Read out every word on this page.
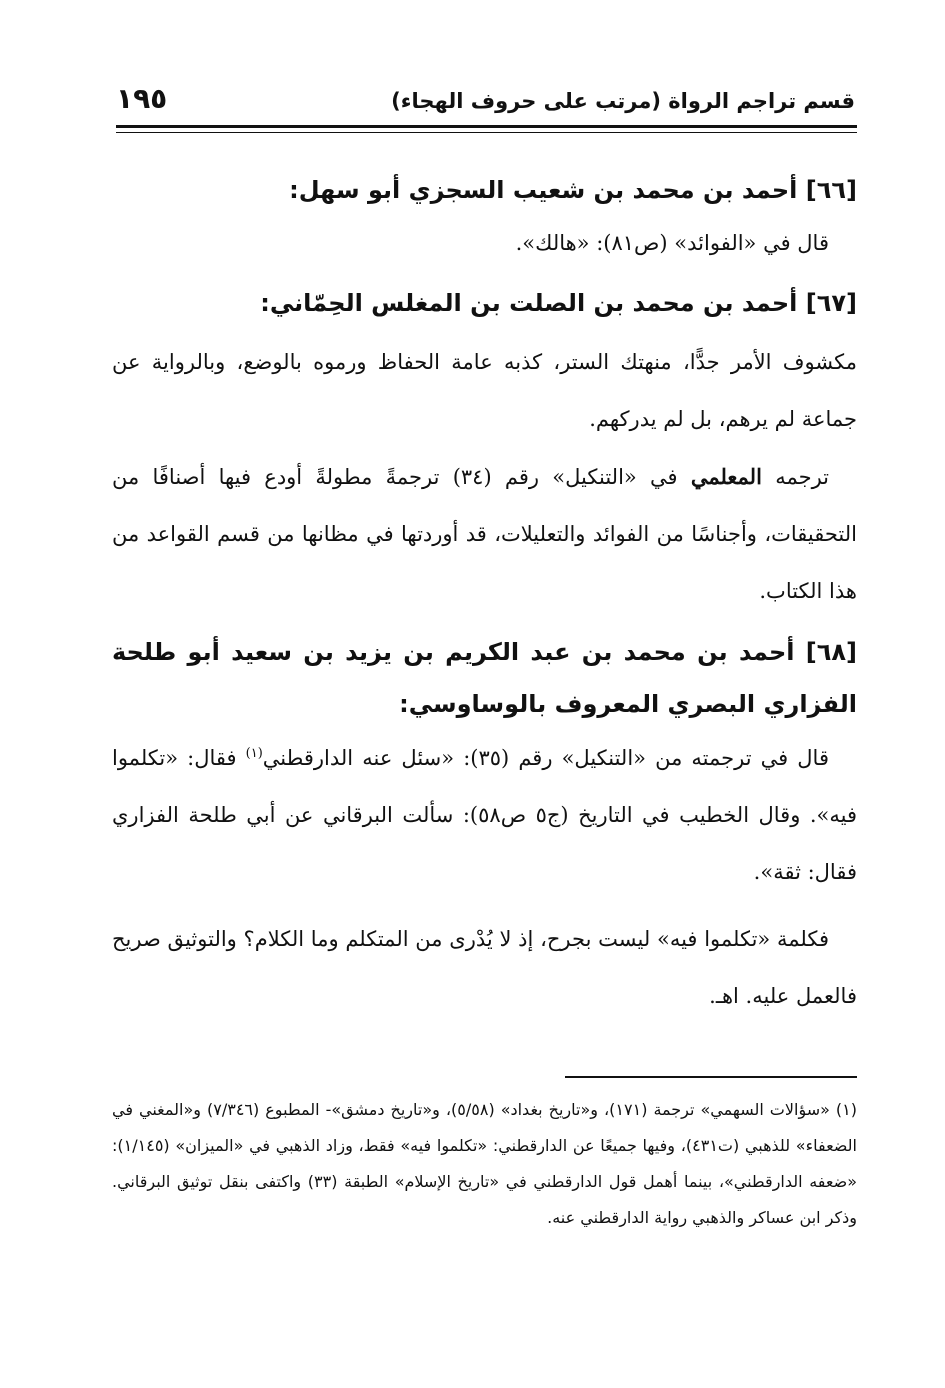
قسم تراجم الرواة (مرتب على حروف الهجاء)
١٩٥
[٦٦] أحمد بن محمد بن شعيب السجزي أبو سهل:

قال في «الفوائد» (ص٨١): «هالك».

[٦٧] أحمد بن محمد بن الصلت بن المغلس الحِمّاني:

مكشوف الأمر جدًّا، منهتك الستر، كذبه عامة الحفاظ ورموه بالوضع، وبالرواية عن جماعة لم يرهم، بل لم يدركهم.

ترجمه المعلمي في «التنكيل» رقم (٣٤) ترجمةً مطولةً أودع فيها أصنافًا من التحقيقات، وأجناسًا من الفوائد والتعليلات، قد أوردتها في مظانها من قسم القواعد من هذا الكتاب.

[٦٨] أحمد بن محمد بن عبد الكريم بن يزيد بن سعيد أبو طلحة الفزاري البصري المعروف بالوساوسي:

قال في ترجمته من «التنكيل» رقم (٣٥): «سئل عنه الدارقطني$^{(١)}$ فقال: «تكلموا فيه». وقال الخطيب في التاريخ (ج٥ ص٥٨): سألت البرقاني عن أبي طلحة الفزاري فقال: ثقة».

فكلمة «تكلموا فيه» ليست بجرح، إذ لا يُدْرى من المتكلم وما الكلام؟ والتوثيق صريح فالعمل عليه. اهـ.

(١) «سؤالات السهمي» ترجمة (١٧١)، و«تاريخ بغداد» (٥/٥٨)، و«تاريخ دمشق»- المطبوع (٧/٣٤٦) و«المغني في الضعفاء» للذهبي (ت٤٣١)، وفيها جميعًا عن الدارقطني: «تكلموا فيه» فقط، وزاد الذهبي في «الميزان» (١/١٤٥): «ضعفه الدارقطني»، بينما أهمل قول الدارقطني في «تاريخ الإسلام» الطبقة (٣٣) واكتفى بنقل توثيق البرقاني. وذكر ابن عساكر والذهبي رواية الدارقطني عنه.
